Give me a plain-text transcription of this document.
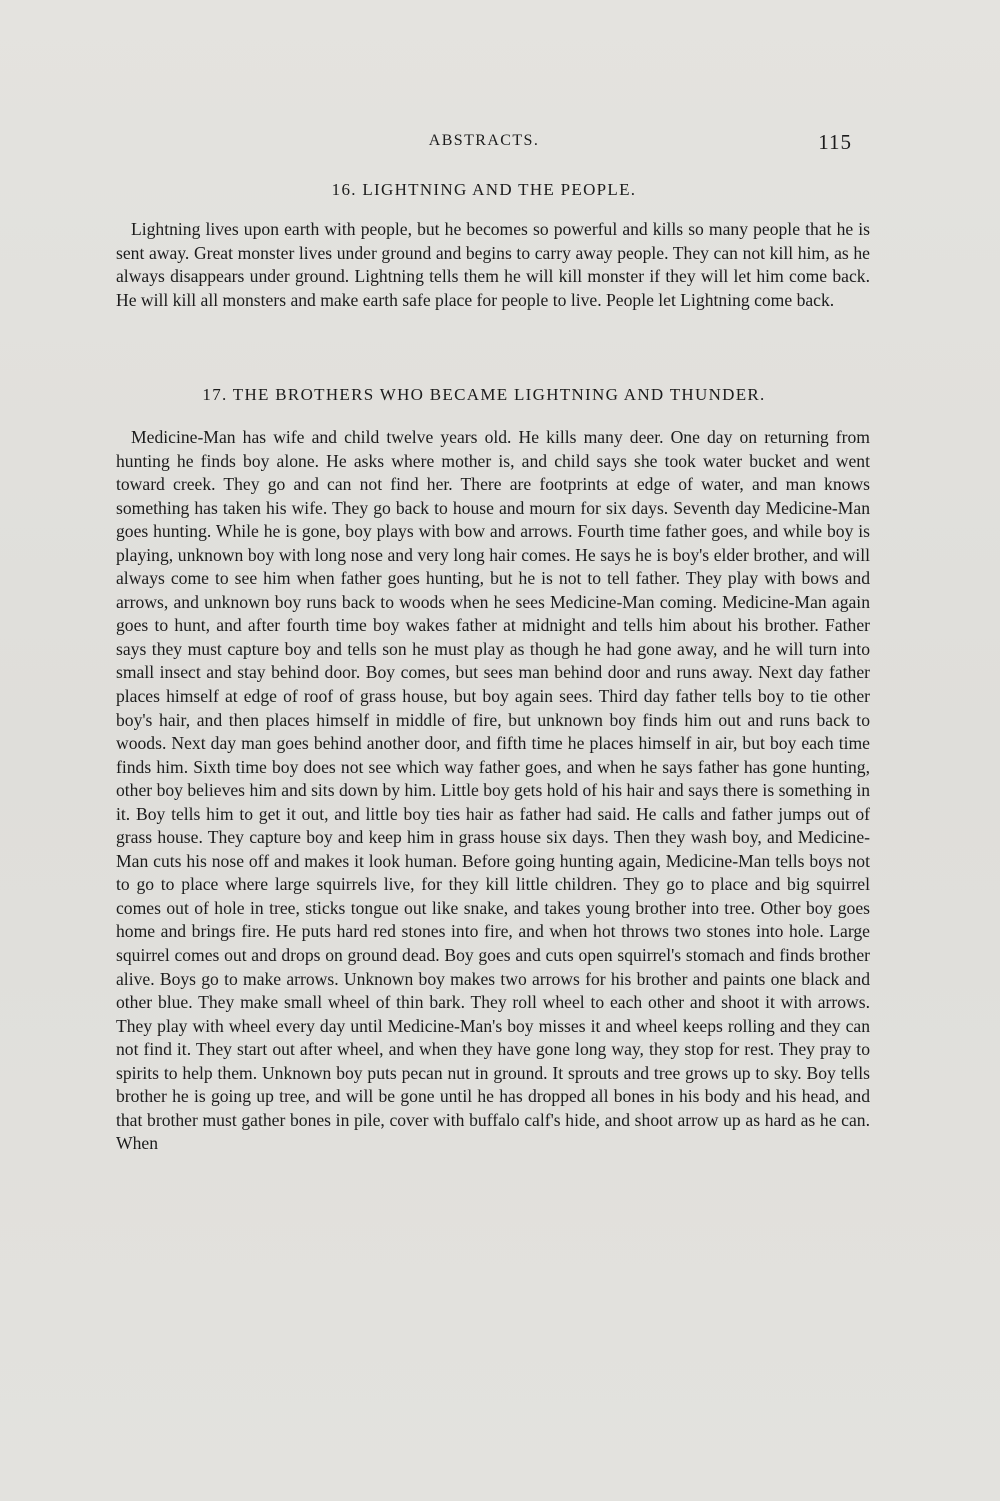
ABSTRACTS.	115
16. LIGHTNING AND THE PEOPLE.

Lightning lives upon earth with people, but he becomes so powerful and kills so many people that he is sent away. Great monster lives under ground and begins to carry away people. They can not kill him, as he always disappears under ground. Lightning tells them he will kill monster if they will let him come back. He will kill all monsters and make earth safe place for people to live. People let Lightning come back.

17. THE BROTHERS WHO BECAME LIGHTNING AND THUNDER.

Medicine-Man has wife and child twelve years old. He kills many deer. One day on returning from hunting he finds boy alone. He asks where mother is, and child says she took water bucket and went toward creek. They go and can not find her. There are footprints at edge of water, and man knows something has taken his wife. They go back to house and mourn for six days. Seventh day Medicine-Man goes hunting. While he is gone, boy plays with bow and arrows. Fourth time father goes, and while boy is playing, unknown boy with long nose and very long hair comes. He says he is boy's elder brother, and will always come to see him when father goes hunting, but he is not to tell father. They play with bows and arrows, and unknown boy runs back to woods when he sees Medicine-Man coming. Medicine-Man again goes to hunt, and after fourth time boy wakes father at midnight and tells him about his brother. Father says they must capture boy and tells son he must play as though he had gone away, and he will turn into small insect and stay behind door. Boy comes, but sees man behind door and runs away. Next day father places himself at edge of roof of grass house, but boy again sees. Third day father tells boy to tie other boy's hair, and then places himself in middle of fire, but unknown boy finds him out and runs back to woods. Next day man goes behind another door, and fifth time he places himself in air, but boy each time finds him. Sixth time boy does not see which way father goes, and when he says father has gone hunting, other boy believes him and sits down by him. Little boy gets hold of his hair and says there is something in it. Boy tells him to get it out, and little boy ties hair as father had said. He calls and father jumps out of grass house. They capture boy and keep him in grass house six days. Then they wash boy, and Medicine-Man cuts his nose off and makes it look human. Before going hunting again, Medicine-Man tells boys not to go to place where large squirrels live, for they kill little children. They go to place and big squirrel comes out of hole in tree, sticks tongue out like snake, and takes young brother into tree. Other boy goes home and brings fire. He puts hard red stones into fire, and when hot throws two stones into hole. Large squirrel comes out and drops on ground dead. Boy goes and cuts open squirrel's stomach and finds brother alive. Boys go to make arrows. Unknown boy makes two arrows for his brother and paints one black and other blue. They make small wheel of thin bark. They roll wheel to each other and shoot it with arrows. They play with wheel every day until Medicine-Man's boy misses it and wheel keeps rolling and they can not find it. They start out after wheel, and when they have gone long way, they stop for rest. They pray to spirits to help them. Unknown boy puts pecan nut in ground. It sprouts and tree grows up to sky. Boy tells brother he is going up tree, and will be gone until he has dropped all bones in his body and his head, and that brother must gather bones in pile, cover with buffalo calf's hide, and shoot arrow up as hard as he can. When
